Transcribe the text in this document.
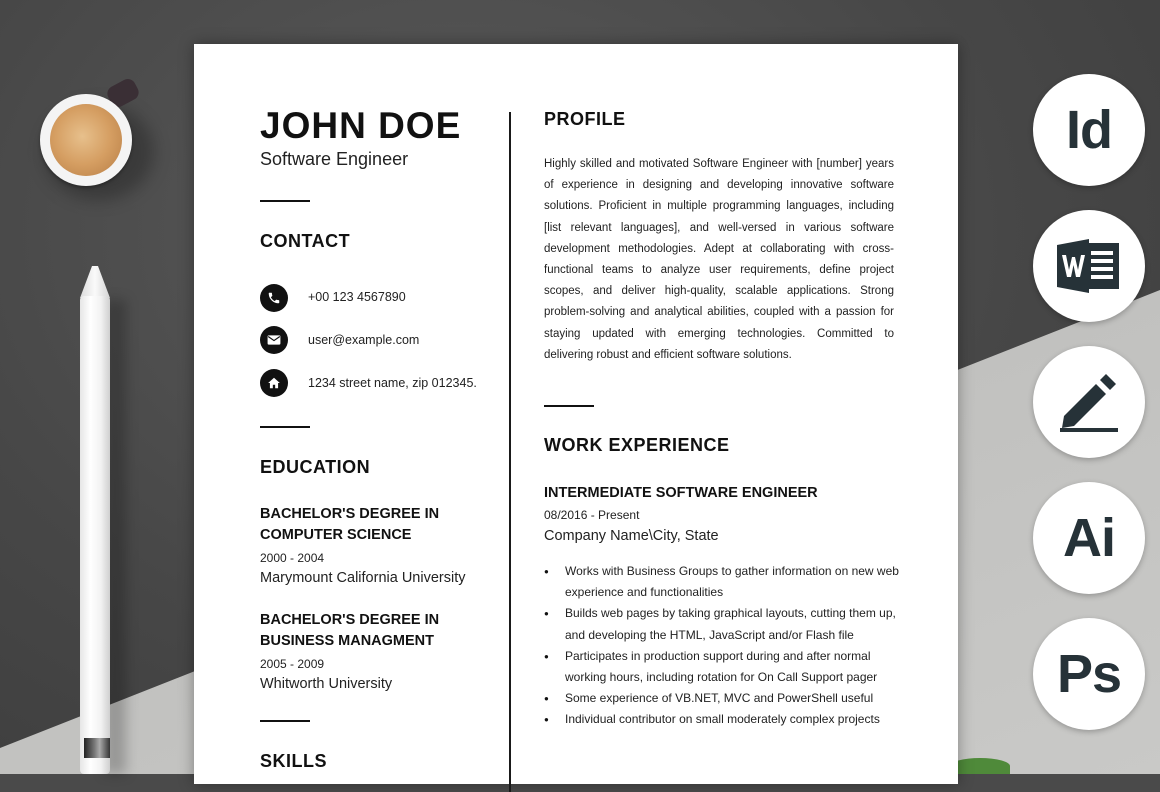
JOHN DOE
Software Engineer
CONTACT
+00 123 4567890
user@example.com
1234 street name, zip 012345.
EDUCATION
BACHELOR'S DEGREE IN
COMPUTER SCIENCE
2000 - 2004
Marymount California University
BACHELOR'S DEGREE IN
BUSINESS MANAGMENT
2005 - 2009
Whitworth University
SKILLS
PROFILE
Highly skilled and motivated Software Engineer with [number] years of experience in designing and developing innovative software solutions. Proficient in multiple programming languages, including [list relevant languages], and well-versed in various software development methodologies. Adept at collaborating with cross-functional teams to analyze user requirements, define project scopes, and deliver high-quality, scalable applications. Strong problem-solving and analytical abilities, coupled with a passion for staying updated with emerging technologies. Committed to delivering robust and efficient software solutions.
WORK EXPERIENCE
INTERMEDIATE SOFTWARE ENGINEER
08/2016 - Present
Company Name\City, State
● Works with Business Groups to gather information on new web experience and functionalities
● Builds web pages by taking graphical layouts, cutting them up, and developing the HTML, JavaScript and/or Flash file
● Participates in production support during and after normal working hours, including rotation for On Call Support pager
● Some experience of VB.NET, MVC and PowerShell useful
● Individual contributor on small moderately complex projects
Id
Ai
Ps
